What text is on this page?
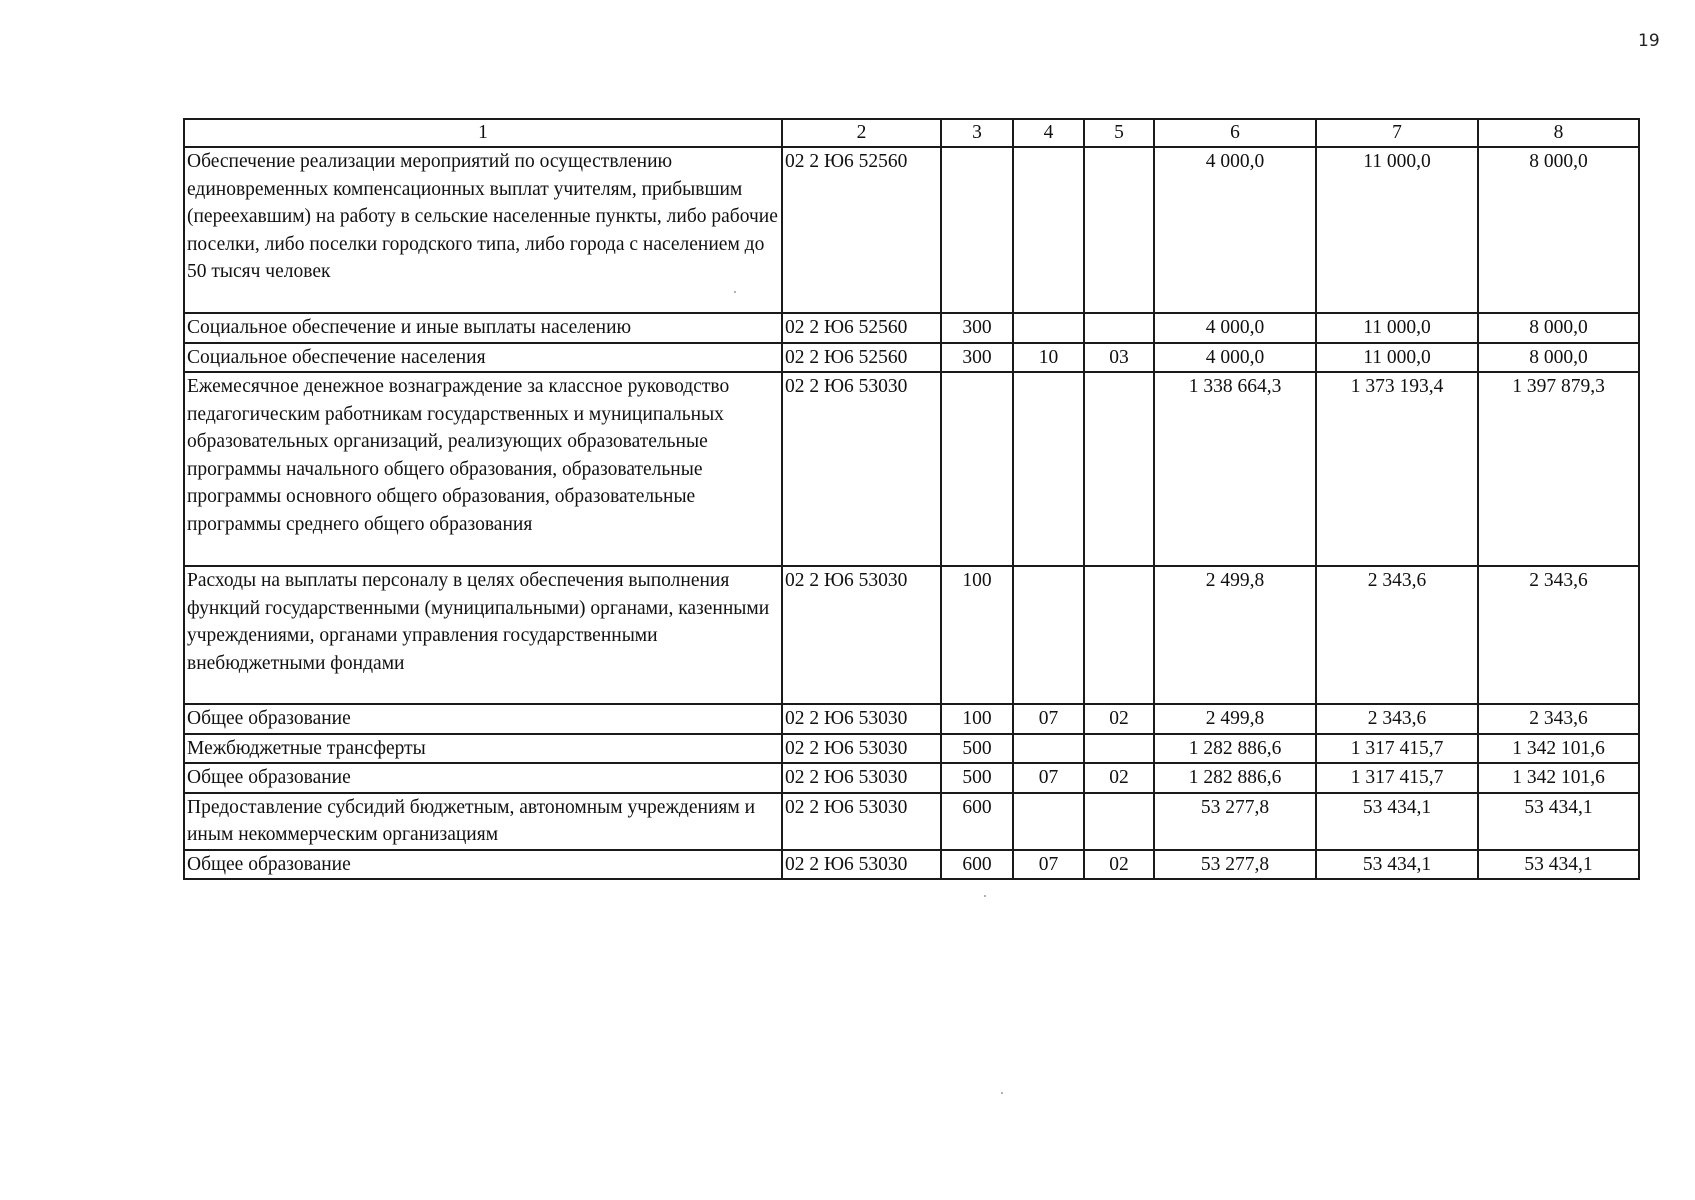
19
1	2	3	4	5	6	7	8
Обеспечение реализации мероприятий по осуществлению единовременных компенсационных выплат учителям, прибывшим (переехавшим) на работу в сельские населенные пункты, либо рабочие поселки, либо поселки городского типа, либо города с населением до 50 тысяч человек	02 2 Ю6 52560				4 000,0	11 000,0	8 000,0
Социальное обеспечение и иные выплаты населению	02 2 Ю6 52560	300			4 000,0	11 000,0	8 000,0
Социальное обеспечение населения	02 2 Ю6 52560	300	10	03	4 000,0	11 000,0	8 000,0
Ежемесячное денежное вознаграждение за классное руководство педагогическим работникам государственных и муниципальных образовательных организаций, реализующих образовательные программы начального общего образования, образовательные программы основного общего образования, образовательные программы среднего общего образования	02 2 Ю6 53030				1 338 664,3	1 373 193,4	1 397 879,3
Расходы на выплаты персоналу в целях обеспечения выполнения функций государственными (муниципальными) органами, казенными учреждениями, органами управления государственными внебюджетными фондами	02 2 Ю6 53030	100			2 499,8	2 343,6	2 343,6
Общее образование	02 2 Ю6 53030	100	07	02	2 499,8	2 343,6	2 343,6
Межбюджетные трансферты	02 2 Ю6 53030	500			1 282 886,6	1 317 415,7	1 342 101,6
Общее образование	02 2 Ю6 53030	500	07	02	1 282 886,6	1 317 415,7	1 342 101,6
Предоставление субсидий бюджетным, автономным учреждениям и иным некоммерческим организациям	02 2 Ю6 53030	600			53 277,8	53 434,1	53 434,1
Общее образование	02 2 Ю6 53030	600	07	02	53 277,8	53 434,1	53 434,1
